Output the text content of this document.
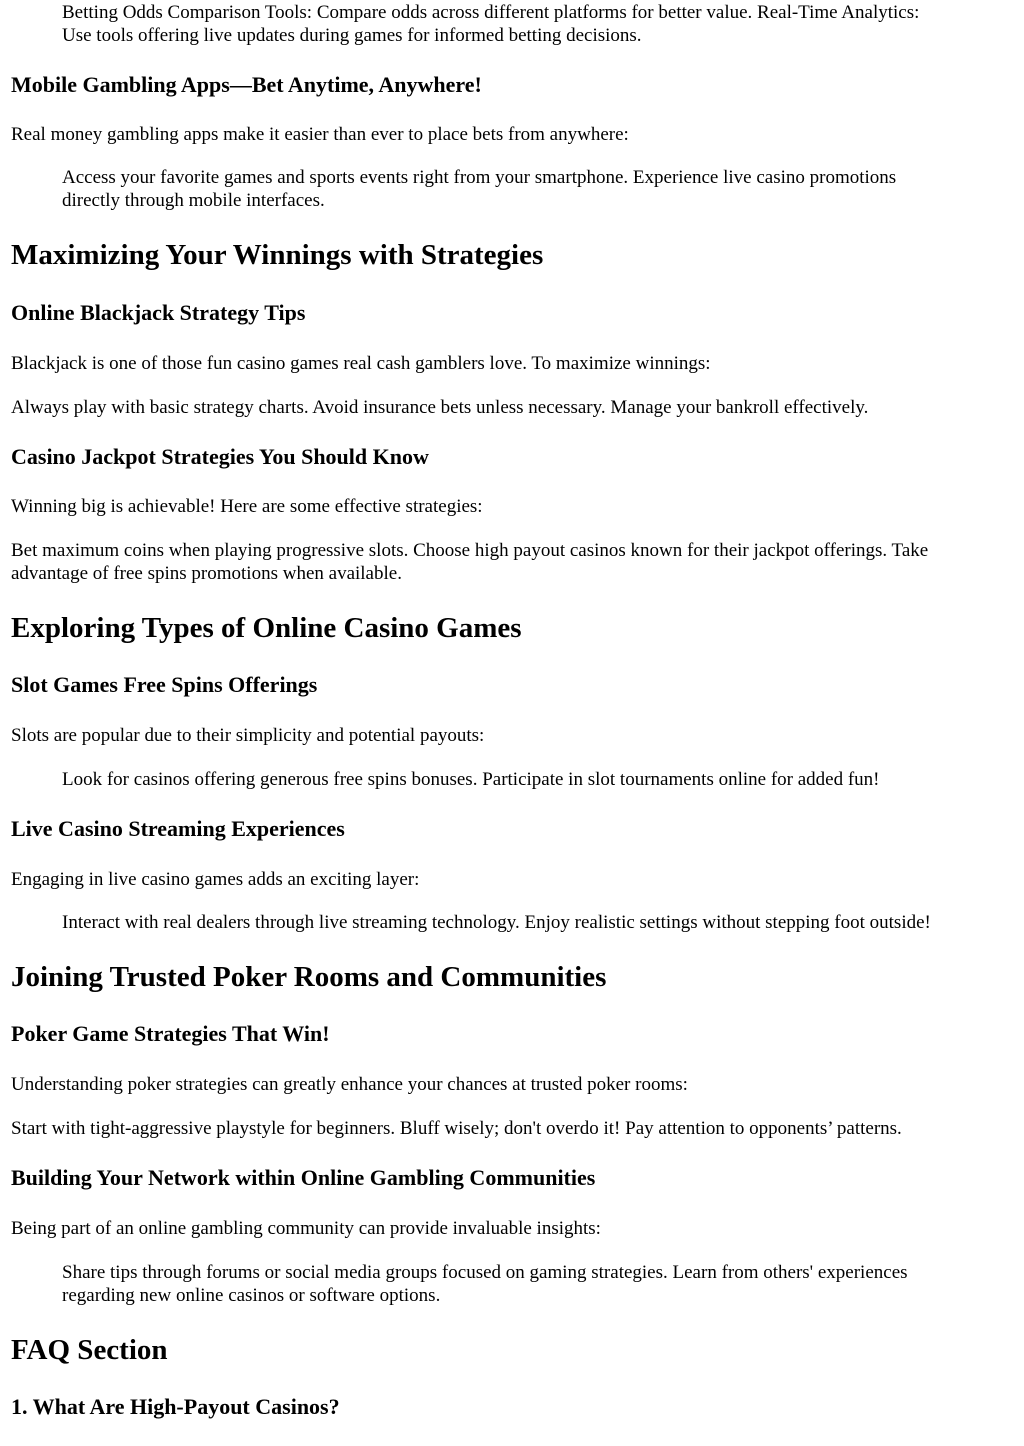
Betting Odds Comparison Tools: Compare odds across different platforms for better value. Real-Time Analytics:
Use tools offering live updates during games for informed betting decisions.
Mobile Gambling Apps—Bet Anytime, Anywhere!

Real money gambling apps make it easier than ever to place bets from anywhere:

Access your favorite games and sports events right from your smartphone. Experience live casino promotions
directly through mobile interfaces.
Maximizing Your Winnings with Strategies
Online Blackjack Strategy Tips

Blackjack is one of those fun casino games real cash gamblers love. To maximize winnings:

Always play with basic strategy charts. Avoid insurance bets unless necessary. Manage your bankroll effectively.

Casino Jackpot Strategies You Should Know

Winning big is achievable! Here are some effective strategies:

Bet maximum coins when playing progressive slots. Choose high payout casinos known for their jackpot offerings. Take
advantage of free spins promotions when available.
Exploring Types of Online Casino Games
Slot Games Free Spins Offerings

Slots are popular due to their simplicity and potential payouts:

Look for casinos offering generous free spins bonuses. Participate in slot tournaments online for added fun!
Live Casino Streaming Experiences

Engaging in live casino games adds an exciting layer:

Interact with real dealers through live streaming technology. Enjoy realistic settings without stepping foot outside!
Joining Trusted Poker Rooms and Communities
Poker Game Strategies That Win!

Understanding poker strategies can greatly enhance your chances at trusted poker rooms:

Start with tight-aggressive playstyle for beginners. Bluff wisely; don't overdo it! Pay attention to opponents’ patterns.

Building Your Network within Online Gambling Communities

Being part of an online gambling community can provide invaluable insights:

Share tips through forums or social media groups focused on gaming strategies. Learn from others' experiences
regarding new online casinos or software options.
FAQ Section
1. What Are High-Payout Casinos?
